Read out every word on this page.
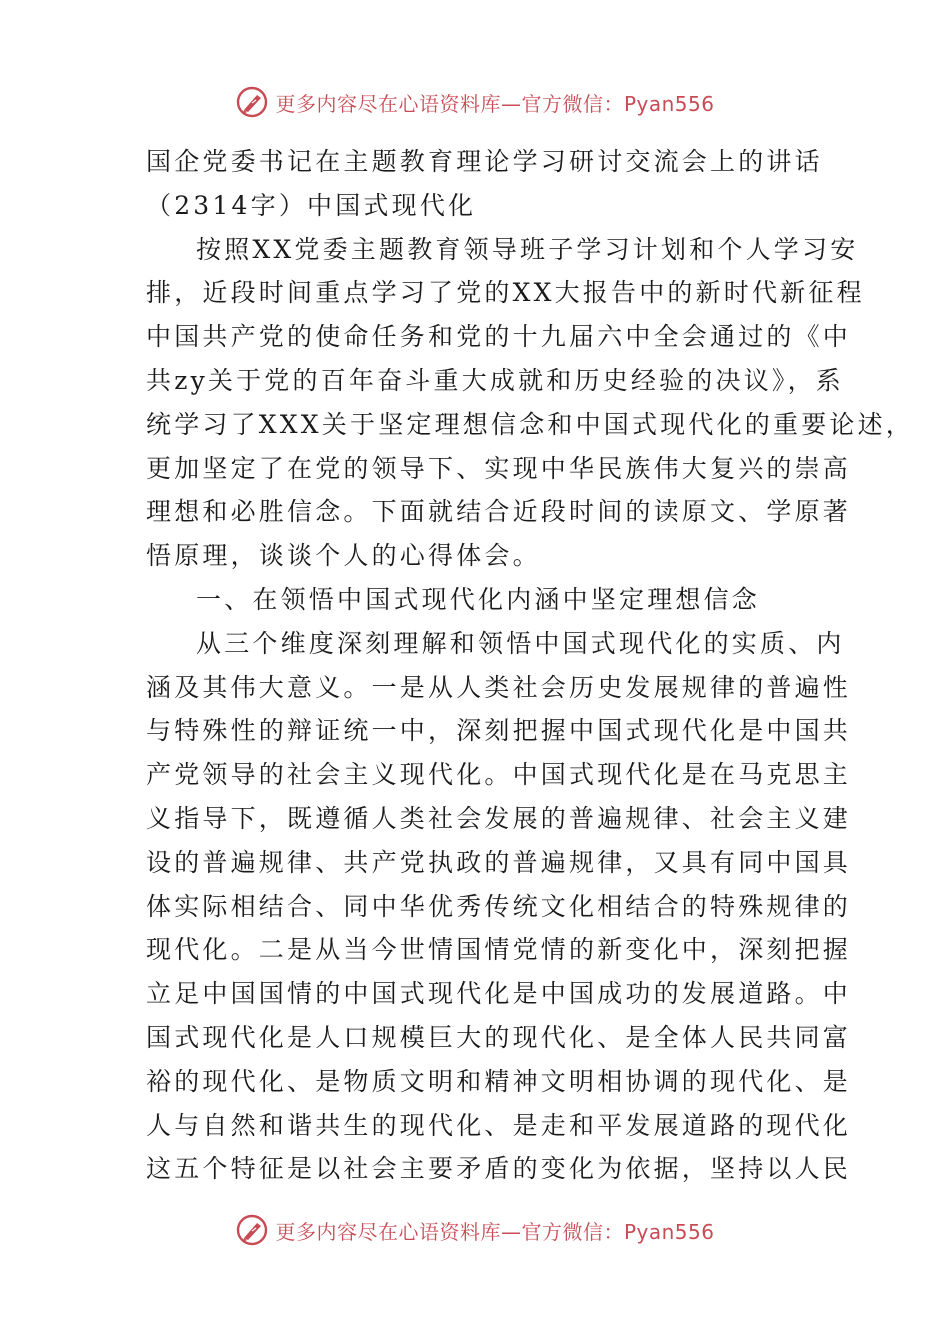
更多内容尽在心语资料库—官方微信：Pyan556
国企党委书记在主题教育理论学习研讨交流会上的讲话
（2314字）中国式现代化
按照XX党委主题教育领导班子学习计划和个人学习安
排，近段时间重点学习了党的XX大报告中的新时代新征程
中国共产党的使命任务和党的十九届六中全会通过的《中
共zy关于党的百年奋斗重大成就和历史经验的决议》，系
统学习了XXX关于坚定理想信念和中国式现代化的重要论述，
更加坚定了在党的领导下、实现中华民族伟大复兴的崇高
理想和必胜信念。下面就结合近段时间的读原文、学原著
悟原理，谈谈个人的心得体会。
一、在领悟中国式现代化内涵中坚定理想信念
从三个维度深刻理解和领悟中国式现代化的实质、内
涵及其伟大意义。一是从人类社会历史发展规律的普遍性
与特殊性的辩证统一中，深刻把握中国式现代化是中国共
产党领导的社会主义现代化。中国式现代化是在马克思主
义指导下，既遵循人类社会发展的普遍规律、社会主义建
设的普遍规律、共产党执政的普遍规律，又具有同中国具
体实际相结合、同中华优秀传统文化相结合的特殊规律的
现代化。二是从当今世情国情党情的新变化中，深刻把握
立足中国国情的中国式现代化是中国成功的发展道路。中
国式现代化是人口规模巨大的现代化、是全体人民共同富
裕的现代化、是物质文明和精神文明相协调的现代化、是
人与自然和谐共生的现代化、是走和平发展道路的现代化
这五个特征是以社会主要矛盾的变化为依据，坚持以人民
更多内容尽在心语资料库—官方微信：Pyan556
